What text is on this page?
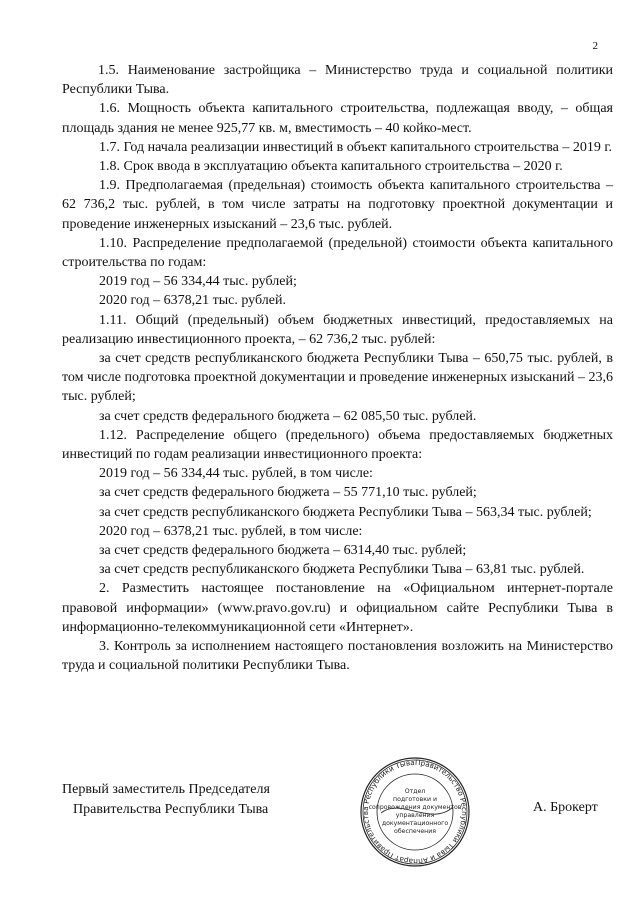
2

1.5. Наименование застройщика – Министерство труда и социальной политики Республики Тыва.

1.6. Мощность объекта капитального строительства, подлежащая вводу, – общая площадь здания не менее 925,77 кв. м, вместимость – 40 койко-мест.

1.7. Год начала реализации инвестиций в объект капитального строительства – 2019 г.

1.8. Срок ввода в эксплуатацию объекта капитального строительства – 2020 г.

1.9. Предполагаемая (предельная) стоимость объекта капитального строительства – 62 736,2 тыс. рублей, в том числе затраты на подготовку проектной документации и проведение инженерных изысканий – 23,6 тыс. рублей.

1.10. Распределение предполагаемой (предельной) стоимости объекта капитального строительства по годам:

2019 год – 56 334,44 тыс. рублей;

2020 год – 6378,21 тыс. рублей.

1.11. Общий (предельный) объем бюджетных инвестиций, предоставляемых на реализацию инвестиционного проекта, – 62 736,2 тыс. рублей:

за счет средств республиканского бюджета Республики Тыва – 650,75 тыс. рублей, в том числе подготовка проектной документации и проведение инженерных изысканий – 23,6 тыс. рублей;

за счет средств федерального бюджета – 62 085,50 тыс. рублей.

1.12. Распределение общего (предельного) объема предоставляемых бюджетных инвестиций по годам реализации инвестиционного проекта:

2019 год – 56 334,44 тыс. рублей, в том числе:

за счет средств федерального бюджета – 55 771,10 тыс. рублей;

за счет средств республиканского бюджета Республики Тыва – 563,34 тыс. рублей;

2020 год – 6378,21 тыс. рублей, в том числе:

за счет средств федерального бюджета – 6314,40 тыс. рублей;

за счет средств республиканского бюджета Республики Тыва – 63,81 тыс. рублей.

2. Разместить настоящее постановление на «Официальном интернет-портале правовой информации» (www.pravo.gov.ru) и официальном сайте Республики Тыва в информационно-телекоммуникационной сети «Интернет».

3. Контроль за исполнением настоящего постановления возложить на Министерство труда и социальной политики Республики Тыва.

Первый заместитель Председателя
Правительства Республики Тыва	А. Брокерт
Правительство Республики Тыва и Аппарат Правительства Республики Тыва
Отдел
подготовки и
сопровождения документов
управления
документационного
обеспечения
